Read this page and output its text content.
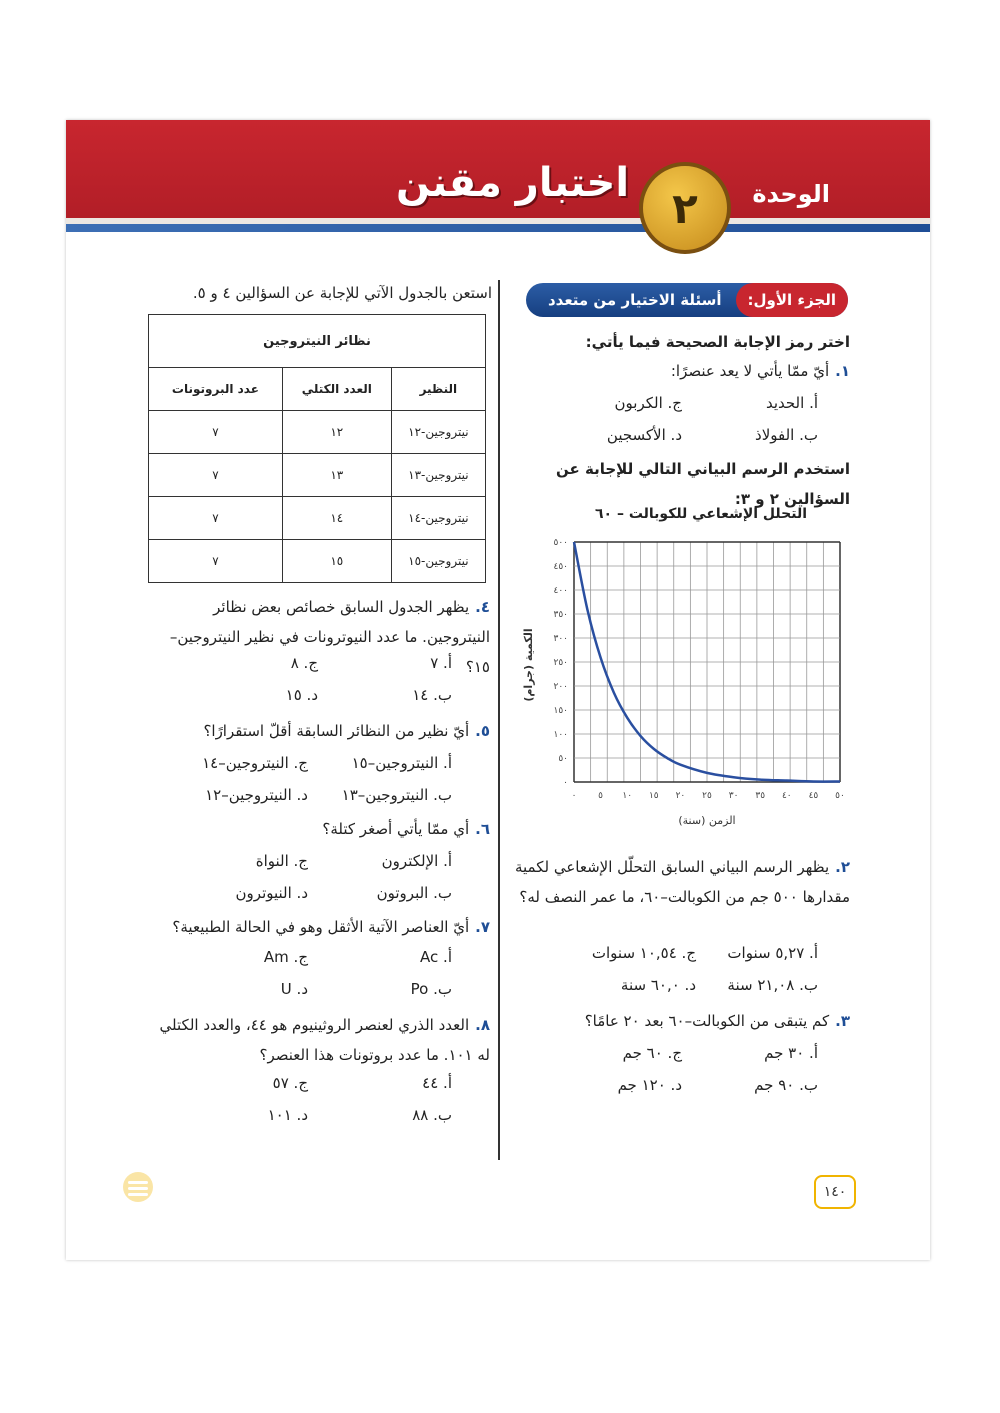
الوحدة
اختبار مقنن
٢
الجزء الأول:
أسئلة الاختيار من متعدد
اختر رمز الإجابة الصحيحة فيما يأتي:
١.أيّ ممّا يأتي لا يعد عنصرًا:
أ. الحديد
ج. الكربون
ب. الفولاذ
د. الأكسجين
استخدم الرسم البياني التالي للإجابة عن السؤالين ٢ و ٣:
التحلل الإشعاعي للكوبالت – ٦٠
٠
٥٠
١٠٠
١٥٠
٢٠٠
٢٥٠
٣٠٠
٣٥٠
٤٠٠
٤٥٠
٥٠٠
٠ ٥ ١٠ ١٥ ٢٠ ٢٥ ٣٠ ٣٥ ٤٠ ٤٥ ٥٠
الكمية (جرام)
الزمن (سنة)
٢.يظهر الرسم البياني السابق التحلّل الإشعاعي لكمية مقدارها ٥٠٠ جم من الكوبالت–٦٠، ما عمر النصف له؟
أ. ٥,٢٧ سنوات
ج. ١٠,٥٤ سنوات
ب. ٢١,٠٨ سنة
د. ٦٠,٠ سنة
٣.كم يتبقى من الكوبالت–٦٠ بعد ٢٠ عامًا؟
أ. ٣٠ جم
ج. ٦٠ جم
ب. ٩٠ جم
د. ١٢٠ جم
استعن بالجدول الآتي للإجابة عن السؤالين ٤ و ٥.
نظائر النيتروجين		
النظير	العدد الكتلي	عدد البروتونات
نيتروجين-١٢	١٢	٧
نيتروجين-١٣	١٣	٧
نيتروجين-١٤	١٤	٧
نيتروجين-١٥	١٥	٧
٤.يظهر الجدول السابق خصائص بعض نظائر النيتروجين. ما عدد النيوترونات في نظير النيتروجين–١٥؟
أ. ٧
ج. ٨
ب. ١٤
د. ١٥
٥.أيّ نظير من النظائر السابقة أقلّ استقرارًا؟
أ. النيتروجين–١٥
ج. النيتروجين–١٤
ب. النيتروجين–١٣
د. النيتروجين–١٢
٦.أي ممّا يأتي أصغر كتلة؟
أ. الإلكترون
ج. النواة
ب. البروتون
د. النيوترون
٧.أيّ العناصر الآتية الأثقل وهو في الحالة الطبيعية؟
أ. Ac
ج. Am
ب. Po
د. U
٨.العدد الذري لعنصر الروثينيوم هو ٤٤، والعدد الكتلي له ١٠١. ما عدد بروتونات هذا العنصر؟
أ. ٤٤
ج. ٥٧
ب. ٨٨
د. ١٠١
١٤٠
